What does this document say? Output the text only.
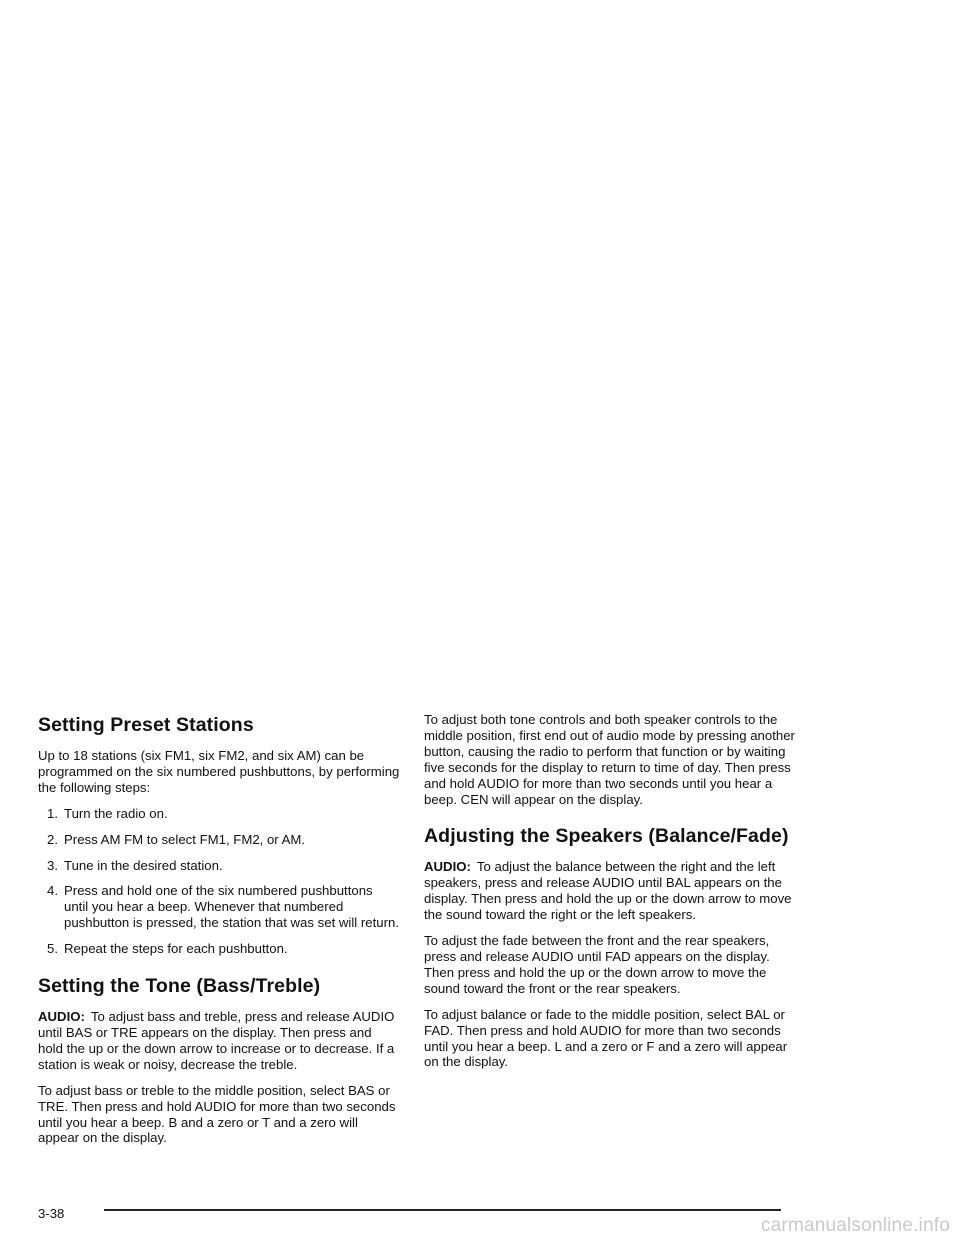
Setting Preset Stations

Up to 18 stations (six FM1, six FM2, and six AM) can be programmed on the six numbered pushbuttons, by performing the following steps:

1. Turn the radio on.
2. Press AM FM to select FM1, FM2, or AM.
3. Tune in the desired station.
4. Press and hold one of the six numbered pushbuttons until you hear a beep. Whenever that numbered pushbutton is pressed, the station that was set will return.
5. Repeat the steps for each pushbutton.
Setting the Tone (Bass/Treble)

AUDIO: To adjust bass and treble, press and release AUDIO until BAS or TRE appears on the display. Then press and hold the up or the down arrow to increase or to decrease. If a station is weak or noisy, decrease the treble.

To adjust bass or treble to the middle position, select BAS or TRE. Then press and hold AUDIO for more than two seconds until you hear a beep. B and a zero or T and a zero will appear on the display.

To adjust both tone controls and both speaker controls to the middle position, first end out of audio mode by pressing another button, causing the radio to perform that function or by waiting five seconds for the display to return to time of day. Then press and hold AUDIO for more than two seconds until you hear a beep. CEN will appear on the display.

Adjusting the Speakers (Balance/Fade)

AUDIO: To adjust the balance between the right and the left speakers, press and release AUDIO until BAL appears on the display. Then press and hold the up or the down arrow to move the sound toward the right or the left speakers.

To adjust the fade between the front and the rear speakers, press and release AUDIO until FAD appears on the display. Then press and hold the up or the down arrow to move the sound toward the front or the rear speakers.

To adjust balance or fade to the middle position, select BAL or FAD. Then press and hold AUDIO for more than two seconds until you hear a beep. L and a zero or F and a zero will appear on the display.

3-38
carmanualsonline.info
